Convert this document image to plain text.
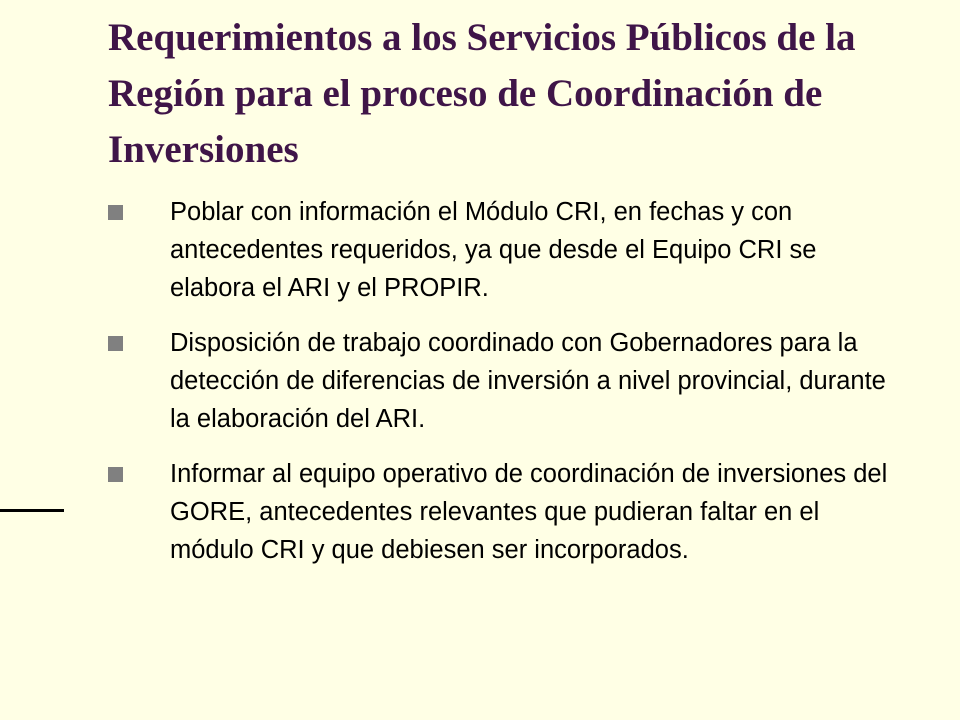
Requerimientos a los Servicios Públicos de la Región para el proceso de Coordinación de Inversiones
Poblar con información el Módulo CRI, en fechas y con antecedentes requeridos, ya que desde el Equipo CRI se elabora el ARI y el PROPIR.
Disposición de trabajo coordinado con Gobernadores para la detección de diferencias de inversión a nivel provincial, durante la elaboración del ARI.
Informar al equipo operativo de coordinación de inversiones del GORE, antecedentes relevantes que pudieran faltar en el módulo CRI y que debiesen ser incorporados.
